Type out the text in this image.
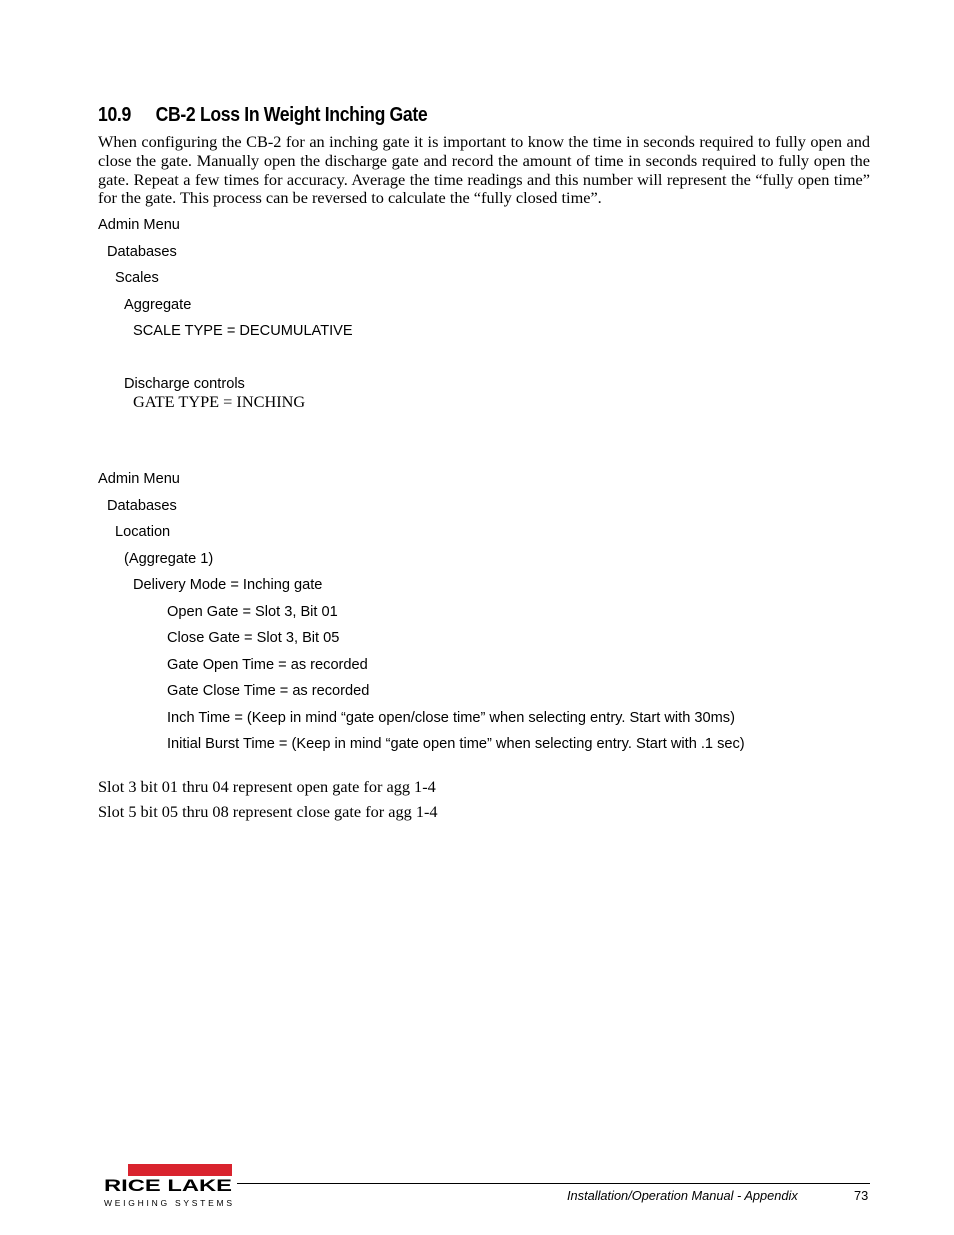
10.9 CB-2 Loss In Weight Inching Gate
When configuring the CB-2 for an inching gate it is important to know the time in seconds required to fully open and close the gate. Manually open the discharge gate and record the amount of time in seconds required to fully open the gate. Repeat a few times for accuracy. Average the time readings and this number will represent the “fully open time” for the gate. This process can be reversed to calculate the “fully closed time”.
Admin Menu
Databases
Scales
Aggregate
SCALE TYPE = DECUMULATIVE
Discharge controls
GATE TYPE = INCHING
Admin Menu
Databases
Location
(Aggregate 1)
Delivery Mode = Inching gate
Open Gate = Slot 3, Bit 01
Close Gate = Slot 3, Bit 05
Gate Open Time = as recorded
Gate Close Time = as recorded
Inch Time = (Keep in mind “gate open/close time” when selecting entry. Start with 30ms)
Initial Burst Time = (Keep in mind “gate open time” when selecting entry. Start with .1 sec)
Slot 3 bit 01 thru 04 represent open gate for agg 1-4
Slot 5 bit 05 thru 08 represent close gate for agg 1-4
RICE LAKE
WEIGHING SYSTEMS	Installation/Operation Manual - Appendix	73
